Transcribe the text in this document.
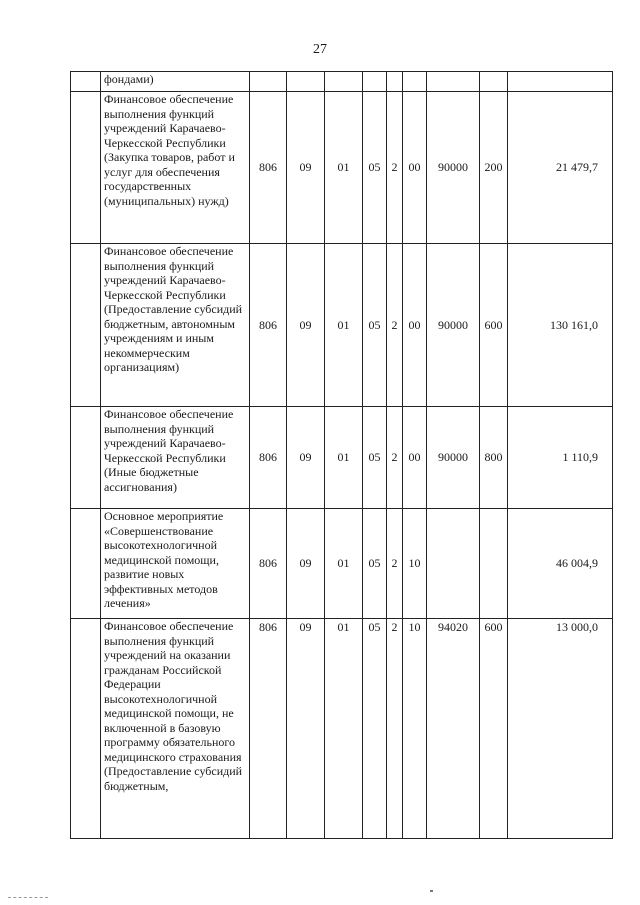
27
	фондами)									
	Финансовое обеспечение выполнения функций учреждений Карачаево-Черкесской Республики (Закупка товаров, работ и услуг для обеспечения государственных (муниципальных) нужд)	806	09	01	05	2	00	90000	200	21 479,7
	Финансовое обеспечение выполнения функций учреждений Карачаево-Черкесской Республики (Предоставление субсидий бюджетным, автономным учреждениям и иным некоммерческим организациям)	806	09	01	05	2	00	90000	600	130 161,0
	Финансовое обеспечение выполнения функций учреждений Карачаево-Черкесской Республики (Иные бюджетные ассигнования)	806	09	01	05	2	00	90000	800	1 110,9
	Основное мероприятие «Совершенствование высокотехнологичной медицинской помощи, развитие новых эффективных методов лечения»	806	09	01	05	2	10			46 004,9
	Финансовое обеспечение выполнения функций учреждений на оказании гражданам Российской Федерации высокотехнологичной медицинской помощи, не включенной в базовую программу обязательного медицинского страхования (Предоставление субсидий бюджетным,	806	09	01	05	2	10	94020	600	13 000,0
